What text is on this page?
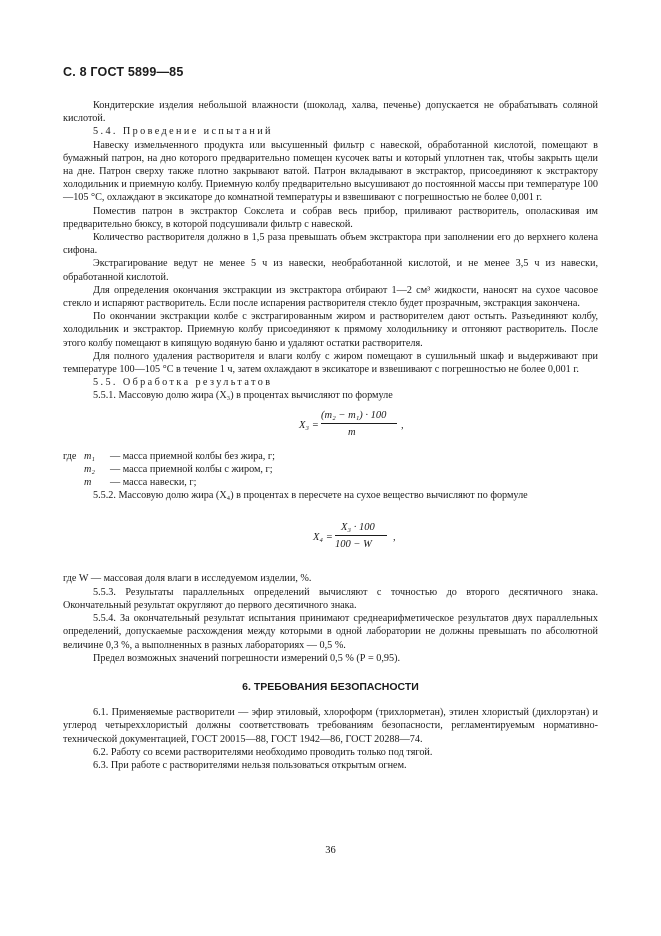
С. 8 ГОСТ 5899—85

Кондитерские изделия небольшой влажности (шоколад, халва, печенье) допускается не обрабатывать соляной кислотой.

5.4. Проведение испытаний

Навеску измельченного продукта или высушенный фильтр с навеской, обработанной кислотой, помещают в бумажный патрон, на дно которого предварительно помещен кусочек ваты и который уплотнен так, чтобы закрыть щели на дне. Патрон сверху также плотно закрывают ватой. Патрон вкладывают в экстрактор, присоединяют к экстрактору холодильник и приемную колбу. Приемную колбу предварительно высушивают до постоянной массы при температуре 100—105 °С, охлаждают в эксикаторе до комнатной температуры и взвешивают с погрешностью не более 0,001 г.

Поместив патрон в экстрактор Сокслета и собрав весь прибор, приливают растворитель, ополаскивая им предварительно бюксу, в которой подсушивали фильтр с навеской.

Количество растворителя должно в 1,5 раза превышать объем экстрактора при заполнении его до верхнего колена сифона.

Экстрагирование ведут не менее 5 ч из навески, необработанной кислотой, и не менее 3,5 ч из навески, обработанной кислотой.

Для определения окончания экстракции из экстрактора отбирают 1—2 см³ жидкости, наносят на сухое часовое стекло и испаряют растворитель. Если после испарения растворителя стекло будет прозрачным, экстракция закончена.

По окончании экстракции колбе с экстрагированным жиром и растворителем дают остыть. Разъединяют колбу, холодильник и экстрактор. Приемную колбу присоединяют к прямому холодильнику и отгоняют растворитель. После этого колбу помещают в кипящую водяную баню и удаляют остатки растворителя.

Для полного удаления растворителя и влаги колбу с жиром помещают в сушильный шкаф и выдерживают при температуре 100—105 °С в течение 1 ч, затем охлаждают в эксикаторе и взвешивают с погрешностью не более 0,001 г.

5.5. Обработка результатов

5.5.1. Массовую долю жира (X₃) в процентах вычисляют по формуле

X₃ =
(m₂ − m₁) · 100
m
,
где m₁	— масса приемной колбы без жира, г;
m₂	— масса приемной колбы с жиром, г;
m	— масса навески, г;

5.5.2. Массовую долю жира (X₄) в процентах в пересчете на сухое вещество вычисляют по формуле

X₄ =
X₃ · 100
100 − W
,

где W — массовая доля влаги в исследуемом изделии, %.

5.5.3. Результаты параллельных определений вычисляют с точностью до второго десятичного знака. Окончательный результат округляют до первого десятичного знака.

5.5.4. За окончательный результат испытания принимают среднеарифметическое результатов двух параллельных определений, допускаемые расхождения между которыми в одной лаборатории не должны превышать по абсолютной величине 0,3 %, а выполненных в разных лабораториях — 0,5 %.

Предел возможных значений погрешности измерений 0,5 % (Р = 0,95).

6. ТРЕБОВАНИЯ БЕЗОПАСНОСТИ

6.1. Применяемые растворители — эфир этиловый, хлороформ (трихлорметан), этилен хлористый (дихлорэтан) и углерод четыреххлористый должны соответствовать требованиям безопасности, регламентируемым нормативно-технической документацией, ГОСТ 20015—88, ГОСТ 1942—86, ГОСТ 20288—74.

6.2. Работу со всеми растворителями необходимо проводить только под тягой.

6.3. При работе с растворителями нельзя пользоваться открытым огнем.

36
